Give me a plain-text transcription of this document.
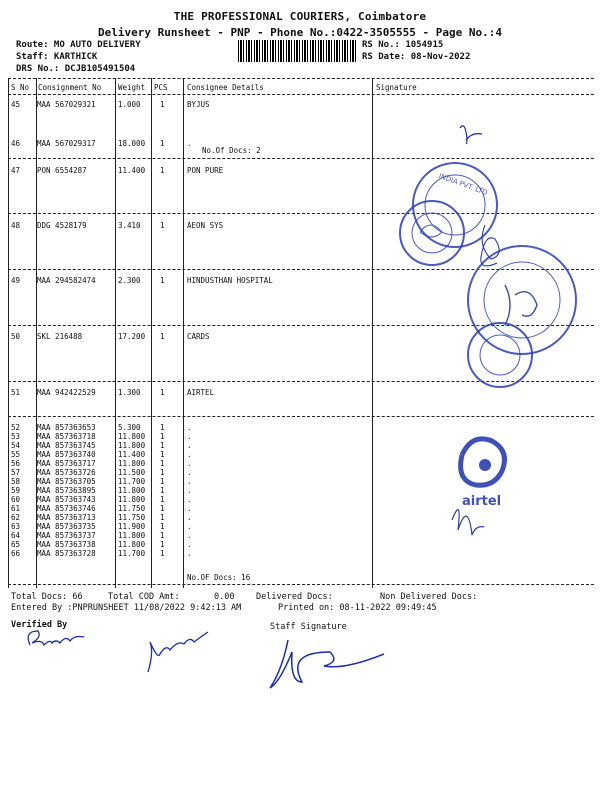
THE PROFESSIONAL COURIERS, Coimbatore
Delivery Runsheet - PNP - Phone No.:0422-3505555 - Page No.:4
Route: MO AUTO DELIVERY
Staff: KARTHICK
DRS No.: DCJB105491504
RS No.: 1054915
RS Date: 08-Nov-2022
S No Consignment No Weight PCS	Consignee Details	Signature
45 MAA 567029321	1.000	1	BYJUS
46 MAA 567029317	18.000 1	.
47 PON 6554287	11.400 1	PON PURE
48 DDG 4528179	3.410	1	AEON SYS
49 MAA 294582474	2.300	1	HINDUSTHAN HOSPITAL
50 SKL 216488	17.200 1	CARDS
51 MAA 942422529	1.300	1	AIRTEL
52 MAA 857363653	5.300	1	.
53 MAA 857363718	11.800 1	.
54 MAA 857363745	11.800 1	.
55 MAA 857363740	11.400 1	.
56 MAA 857363717	11.800 1	.
57 MAA 857363726	11.500 1	.
58 MAA 857363705	11.700 1	.
59 MAA 857363895	11.800 1	.
60 MAA 857363743	11.800 1	.
61 MAA 857363746	11.750 1	.
62 MAA 857363713	11.750 1	.
63 MAA 857363735	11.900 1	.
64 MAA 857363737	11.800 1	.
65 MAA 857363738	11.800 1	.
66 MAA 857363728	11.700 1	.
No.Of Docs: 2
No.OF Docs: 16
INDIA PVT. LTD
airtel
Total Docs: 66	Total COD Amt:	0.00	Delivered Docs:	Non Delivered Docs:
Entered By :PNPRUNSHEET 11/08/2022 9:42:13 AM	Printed on: 08-11-2022 09:49:45
Verified By	Staff Signature
